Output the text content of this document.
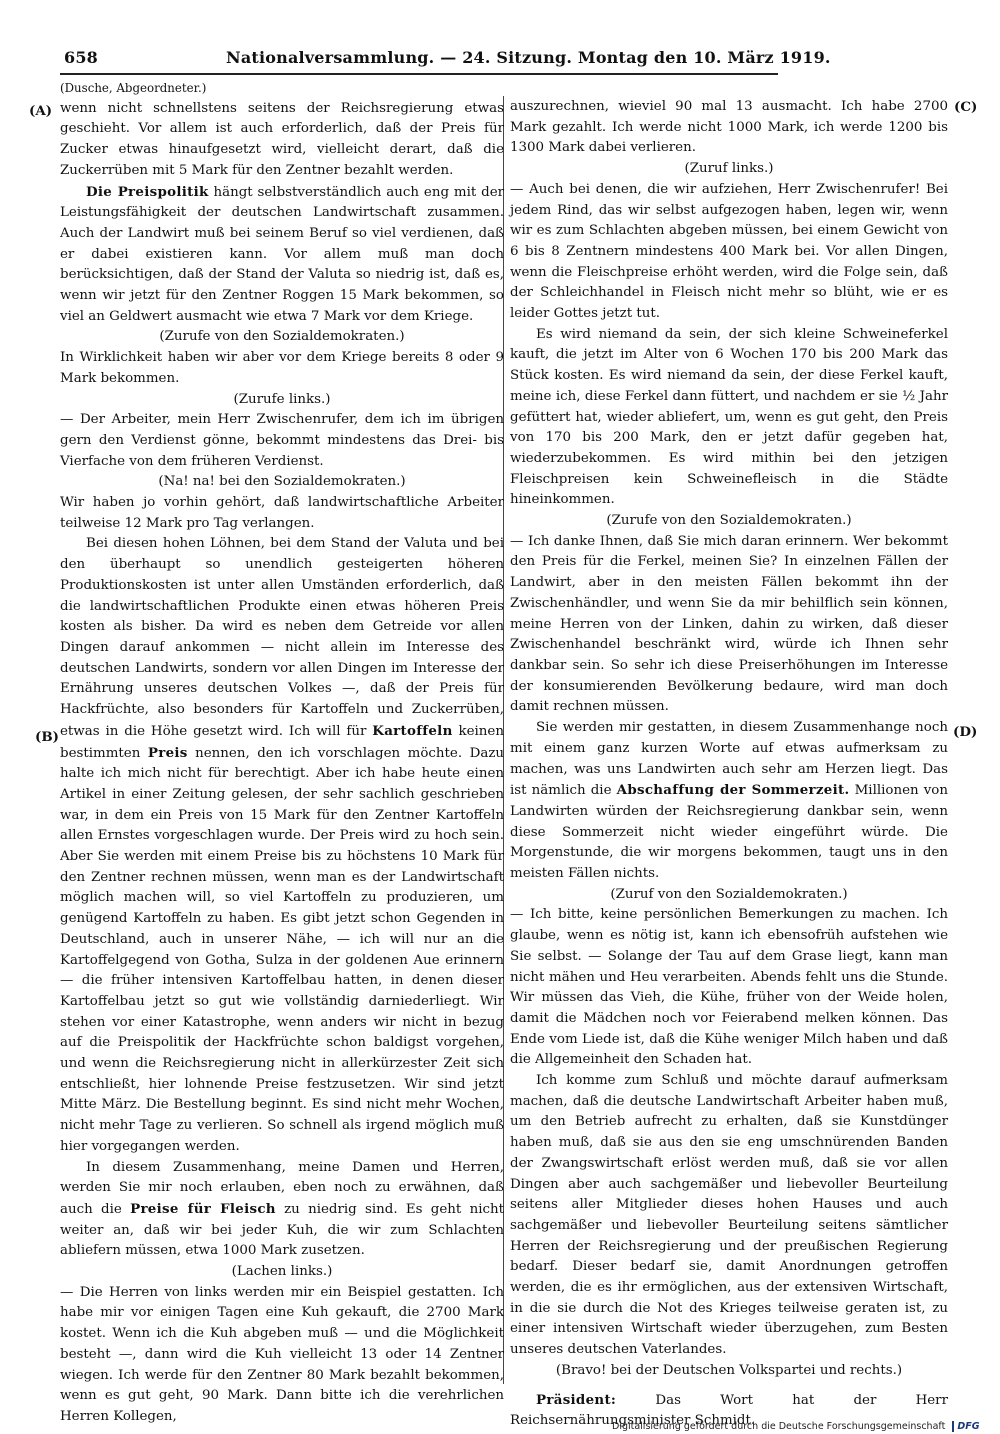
658	Nationalversammlung. — 24. Sitzung. Montag den 10. März 1919.
(A)
(B)
(C)
(D)

(Dusche, Abgeordneter.)

wenn nicht schnellstens seitens der Reichsregierung etwas geschieht. Vor allem ist auch erforderlich, daß der Preis für Zucker etwas hinaufgesetzt wird, vielleicht derart, daß die Zuckerrüben mit 5 Mark für den Zentner bezahlt werden.

Die Preispolitik hängt selbstverständlich auch eng mit der Leistungsfähigkeit der deutschen Landwirtschaft zusammen. Auch der Landwirt muß bei seinem Beruf so viel verdienen, daß er dabei existieren kann. Vor allem muß man doch berücksichtigen, daß der Stand der Valuta so niedrig ist, daß es, wenn wir jetzt für den Zentner Roggen 15 Mark bekommen, so viel an Geldwert ausmacht wie etwa 7 Mark vor dem Kriege.

(Zurufe von den Sozialdemokraten.)

In Wirklichkeit haben wir aber vor dem Kriege bereits 8 oder 9 Mark bekommen.

(Zurufe links.)

— Der Arbeiter, mein Herr Zwischenrufer, dem ich im übrigen gern den Verdienst gönne, bekommt mindestens das Drei- bis Vierfache von dem früheren Verdienst.

(Na! na! bei den Sozialdemokraten.)

Wir haben jo vorhin gehört, daß landwirtschaftliche Arbeiter teilweise 12 Mark pro Tag verlangen.

Bei diesen hohen Löhnen, bei dem Stand der Valuta und bei den überhaupt so unendlich gesteigerten höheren Produktionskosten ist unter allen Umständen erforderlich, daß die landwirtschaftlichen Produkte einen etwas höheren Preis kosten als bisher. Da wird es neben dem Getreide vor allen Dingen darauf ankommen — nicht allein im Interesse des deutschen Landwirts, sondern vor allen Dingen im Interesse der Ernährung unseres deutschen Volkes —, daß der Preis für Hackfrüchte, also besonders für Kartoffeln und Zuckerrüben, etwas in die Höhe gesetzt wird. Ich will für Kartoffeln keinen bestimmten Preis nennen, den ich vorschlagen möchte. Dazu halte ich mich nicht für berechtigt. Aber ich habe heute einen Artikel in einer Zeitung gelesen, der sehr sachlich geschrieben war, in dem ein Preis von 15 Mark für den Zentner Kartoffeln allen Ernstes vorgeschlagen wurde. Der Preis wird zu hoch sein. Aber Sie werden mit einem Preise bis zu höchstens 10 Mark für den Zentner rechnen müssen, wenn man es der Landwirtschaft möglich machen will, so viel Kartoffeln zu produzieren, um genügend Kartoffeln zu haben. Es gibt jetzt schon Gegenden in Deutschland, auch in unserer Nähe, — ich will nur an die Kartoffelgegend von Gotha, Sulza in der goldenen Aue erinnern — die früher intensiven Kartoffelbau hatten, in denen dieser Kartoffelbau jetzt so gut wie vollständig darniederliegt. Wir stehen vor einer Katastrophe, wenn anders wir nicht in bezug auf die Preispolitik der Hackfrüchte schon baldigst vorgehen, und wenn die Reichsregierung nicht in allerkürzester Zeit sich entschließt, hier lohnende Preise festzusetzen. Wir sind jetzt Mitte März. Die Bestellung beginnt. Es sind nicht mehr Wochen, nicht mehr Tage zu verlieren. So schnell als irgend möglich muß hier vorgegangen werden.

In diesem Zusammenhang, meine Damen und Herren, werden Sie mir noch erlauben, eben noch zu erwähnen, daß auch die Preise für Fleisch zu niedrig sind. Es geht nicht weiter an, daß wir bei jeder Kuh, die wir zum Schlachten abliefern müssen, etwa 1000 Mark zusetzen.

(Lachen links.)

— Die Herren von links werden mir ein Beispiel gestatten. Ich habe mir vor einigen Tagen eine Kuh gekauft, die 2700 Mark kostet. Wenn ich die Kuh abgeben muß — und die Möglichkeit besteht —, dann wird die Kuh vielleicht 13 oder 14 Zentner wiegen. Ich werde für den Zentner 80 Mark bezahlt bekommen, wenn es gut geht, 90 Mark. Dann bitte ich die verehrlichen Herren Kollegen,

auszurechnen, wieviel 90 mal 13 ausmacht. Ich habe 2700 Mark gezahlt. Ich werde nicht 1000 Mark, ich werde 1200 bis 1300 Mark dabei verlieren.

(Zuruf links.)

— Auch bei denen, die wir aufziehen, Herr Zwischenrufer! Bei jedem Rind, das wir selbst aufgezogen haben, legen wir, wenn wir es zum Schlachten abgeben müssen, bei einem Gewicht von 6 bis 8 Zentnern mindestens 400 Mark bei. Vor allen Dingen, wenn die Fleischpreise erhöht werden, wird die Folge sein, daß der Schleichhandel in Fleisch nicht mehr so blüht, wie er es leider Gottes jetzt tut.

Es wird niemand da sein, der sich kleine Schweineferkel kauft, die jetzt im Alter von 6 Wochen 170 bis 200 Mark das Stück kosten. Es wird niemand da sein, der diese Ferkel kauft, meine ich, diese Ferkel dann füttert, und nachdem er sie ½ Jahr gefüttert hat, wieder abliefert, um, wenn es gut geht, den Preis von 170 bis 200 Mark, den er jetzt dafür gegeben hat, wiederzubekommen. Es wird mithin bei den jetzigen Fleischpreisen kein Schweinefleisch in die Städte hineinkommen.

(Zurufe von den Sozialdemokraten.)

— Ich danke Ihnen, daß Sie mich daran erinnern. Wer bekommt den Preis für die Ferkel, meinen Sie? In einzelnen Fällen der Landwirt, aber in den meisten Fällen bekommt ihn der Zwischenhändler, und wenn Sie da mir behilflich sein können, meine Herren von der Linken, dahin zu wirken, daß dieser Zwischenhandel beschränkt wird, würde ich Ihnen sehr dankbar sein. So sehr ich diese Preiserhöhungen im Interesse der konsumierenden Bevölkerung bedaure, wird man doch damit rechnen müssen.

Sie werden mir gestatten, in diesem Zusammenhange noch mit einem ganz kurzen Worte auf etwas aufmerksam zu machen, was uns Landwirten auch sehr am Herzen liegt. Das ist nämlich die Abschaffung der Sommerzeit. Millionen von Landwirten würden der Reichsregierung dankbar sein, wenn diese Sommerzeit nicht wieder eingeführt würde. Die Morgenstunde, die wir morgens bekommen, taugt uns in den meisten Fällen nichts.

(Zuruf von den Sozialdemokraten.)

— Ich bitte, keine persönlichen Bemerkungen zu machen. Ich glaube, wenn es nötig ist, kann ich ebensofrüh aufstehen wie Sie selbst. — Solange der Tau auf dem Grase liegt, kann man nicht mähen und Heu verarbeiten. Abends fehlt uns die Stunde. Wir müssen das Vieh, die Kühe, früher von der Weide holen, damit die Mädchen noch vor Feierabend melken können. Das Ende vom Liede ist, daß die Kühe weniger Milch haben und daß die Allgemeinheit den Schaden hat.

Ich komme zum Schluß und möchte darauf aufmerksam machen, daß die deutsche Landwirtschaft Arbeiter haben muß, um den Betrieb aufrecht zu erhalten, daß sie Kunstdünger haben muß, daß sie aus den sie eng umschnürenden Banden der Zwangswirtschaft erlöst werden muß, daß sie vor allen Dingen aber auch sachgemäßer und liebevoller Beurteilung seitens aller Mitglieder dieses hohen Hauses und auch sachgemäßer und liebevoller Beurteilung seitens sämtlicher Herren der Reichsregierung und der preußischen Regierung bedarf. Dieser bedarf sie, damit Anordnungen getroffen werden, die es ihr ermöglichen, aus der extensiven Wirtschaft, in die sie durch die Not des Krieges teilweise geraten ist, zu einer intensiven Wirtschaft wieder überzugehen, zum Besten unseres deutschen Vaterlandes.

(Bravo! bei der Deutschen Volkspartei und rechts.)

Präsident: Das Wort hat der Herr Reichsernährungsminister Schmidt.

Digitalisierung gefördert durch die Deutsche Forschungsgemeinschaft DFG
